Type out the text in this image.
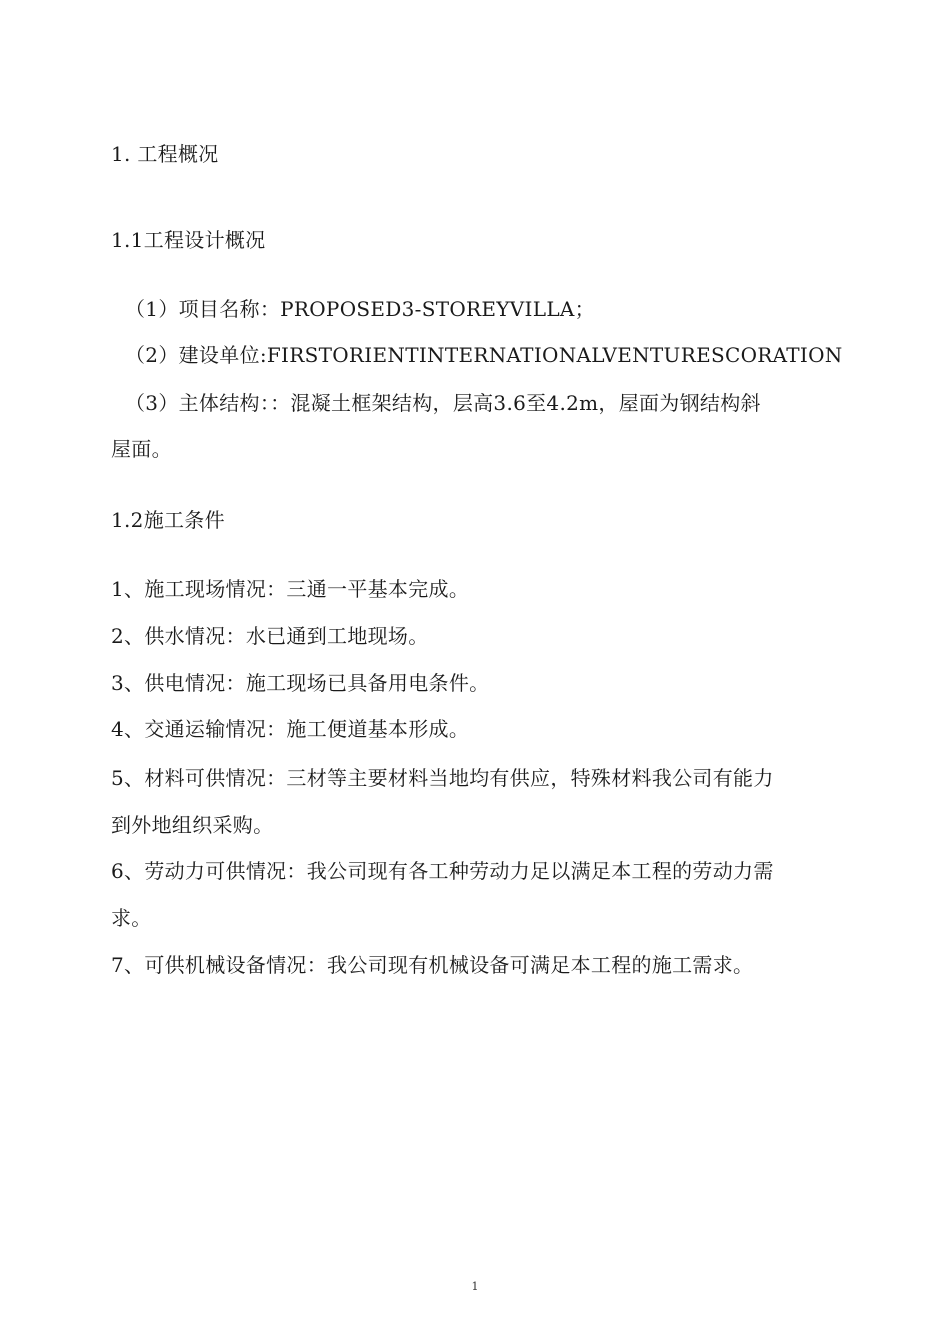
1. 工程概况
1.1工程设计概况
（1）项目名称：PROPOSED3-STOREYVILLA；
（2）建设单位:FIRSTORIENTINTERNATIONALVENTURESCORATION
（3）主体结构：：混凝土框架结构，层高3.6至4.2m，屋面为钢结构斜
屋面。
1.2施工条件
1、施工现场情况：三通一平基本完成。
2、供水情况：水已通到工地现场。
3、供电情况：施工现场已具备用电条件。
4、交通运输情况：施工便道基本形成。
5、材料可供情况：三材等主要材料当地均有供应，特殊材料我公司有能力
到外地组织采购。
6、劳动力可供情况：我公司现有各工种劳动力足以满足本工程的劳动力需
求。
7、可供机械设备情况：我公司现有机械设备可满足本工程的施工需求。
1
